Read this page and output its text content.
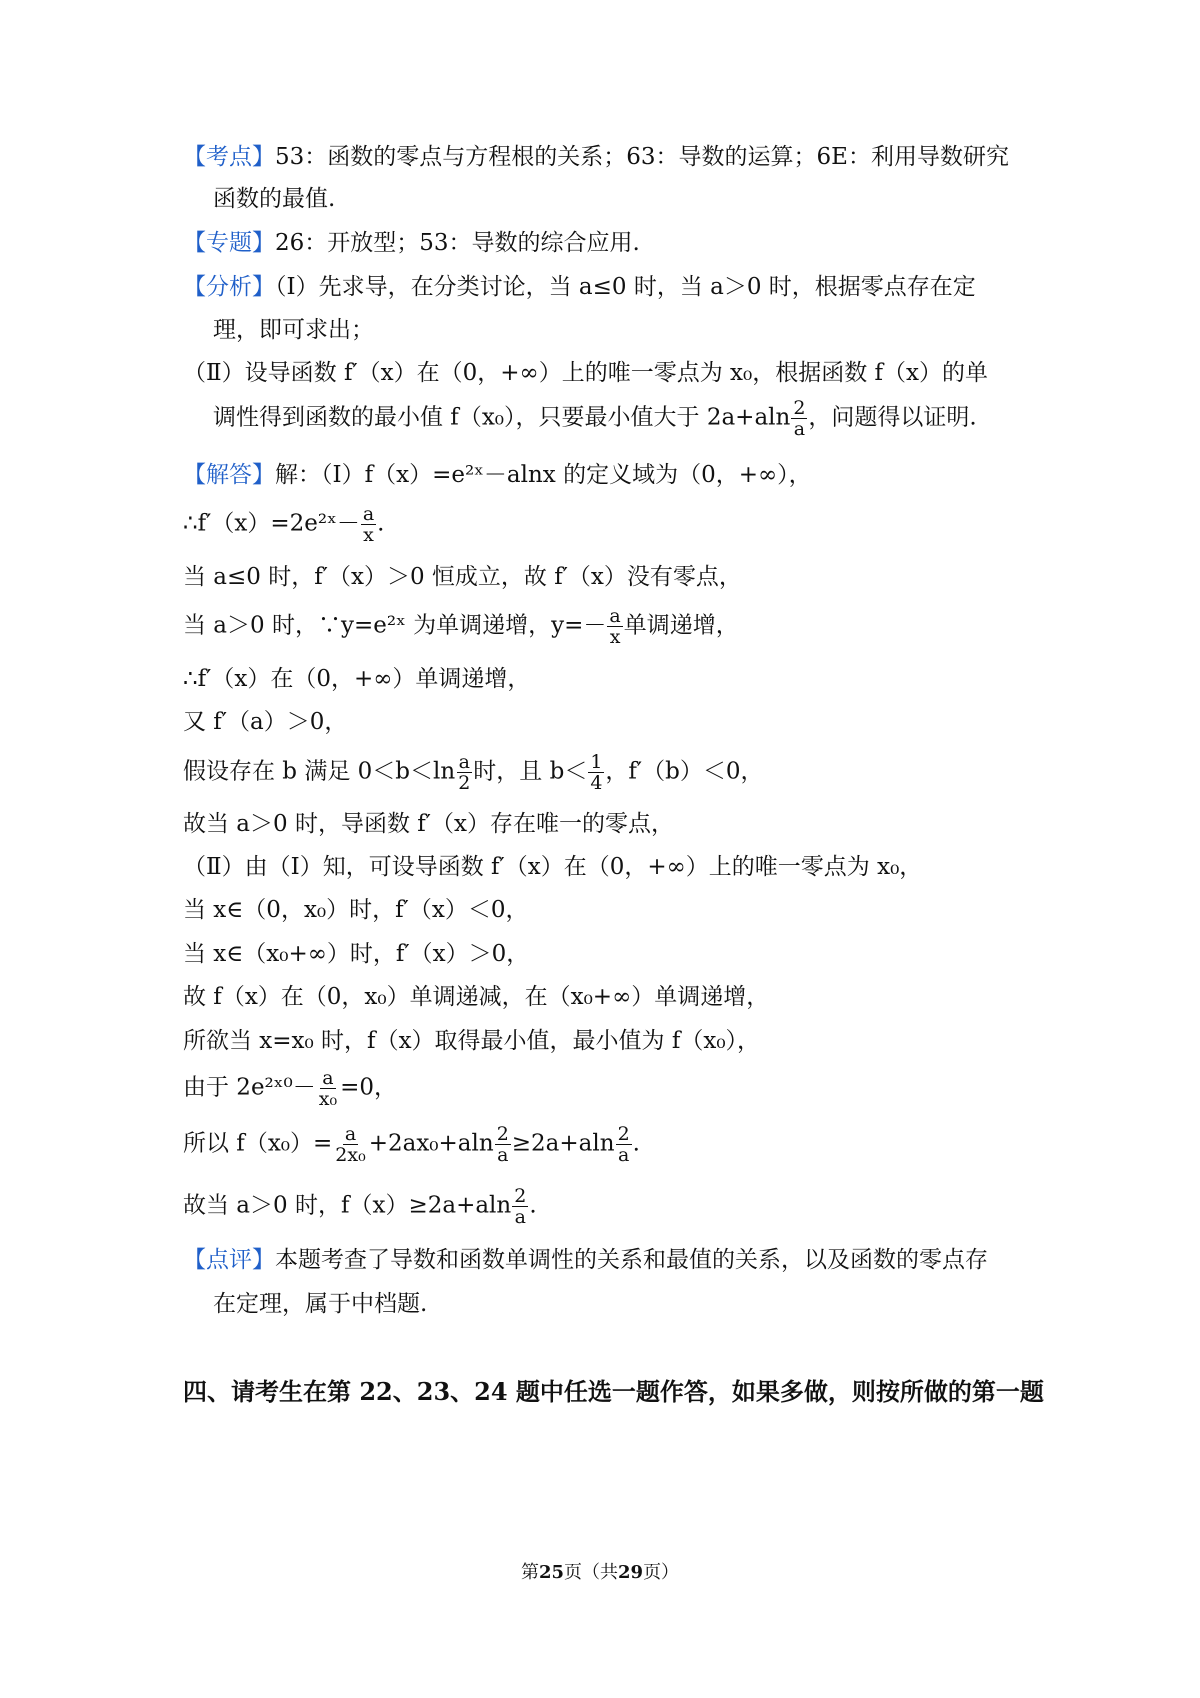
【考点】53：函数的零点与方程根的关系；63：导数的运算；6E：利用导数研究
函数的最值.
【专题】26：开放型；53：导数的综合应用.
【分析】（Ⅰ）先求导，在分类讨论，当 a≤0 时，当 a＞0 时，根据零点存在定
理，即可求出；
（Ⅱ）设导函数 f′（x）在（0，+∞）上的唯一零点为 x₀，根据函数 f（x）的单
调性得到函数的最小值 f（x₀），只要最小值大于 $2a+aln \frac{2}{a}$ ，问题得以证明.
【解答】解：（Ⅰ）f（x）=e²ˣ－alnx 的定义域为（0，+∞），
∴f′（x）=2e²ˣ－ $\frac{a}{x}$ .
当 a≤0 时，f′（x）＞0 恒成立，故 f′（x）没有零点，
当 a＞0 时，∵y=e²ˣ 为单调递增，$y=- \frac{a}{x}$ 单调递增，
∴f′（x）在（0，+∞）单调递增，
又 f′（a）＞0，
假设存在 b 满足 $0<b<\ln \frac{a}{2}$ 时，且 $b< \frac{1}{4}$ ，f′（b）＜0，
故当 a＞0 时，导函数 f′（x）存在唯一的零点，
（Ⅱ）由（Ⅰ）知，可设导函数 f′（x）在（0，+∞）上的唯一零点为 x₀，
当 x∈（0，x₀）时，f′（x）＜0，
当 x∈（x₀+∞）时，f′（x）＞0，
故 f（x）在（0，x₀）单调递减，在（x₀+∞）单调递增，
所欲当 x=x₀ 时，f（x）取得最小值，最小值为 f（x₀），
由于 2e²ˣ⁰－ $\frac{a}{\text{x₀}} =0$，
所以 $f(x_0)= \frac{a}{\text{2x₀}} +2ax_0+aln \frac{2}{a} \ge 2a+aln \frac{2}{a}$ .
故当 a＞0 时，$f(x)\ge 2a+aln \frac{2}{a}$ .
【点评】本题考查了导数和函数单调性的关系和最值的关系，以及函数的零点存
在定理，属于中档题.
四、请考生在第 22、23、24 题中任选一题作答，如果多做，则按所做的第一题
第25页（共29页）
